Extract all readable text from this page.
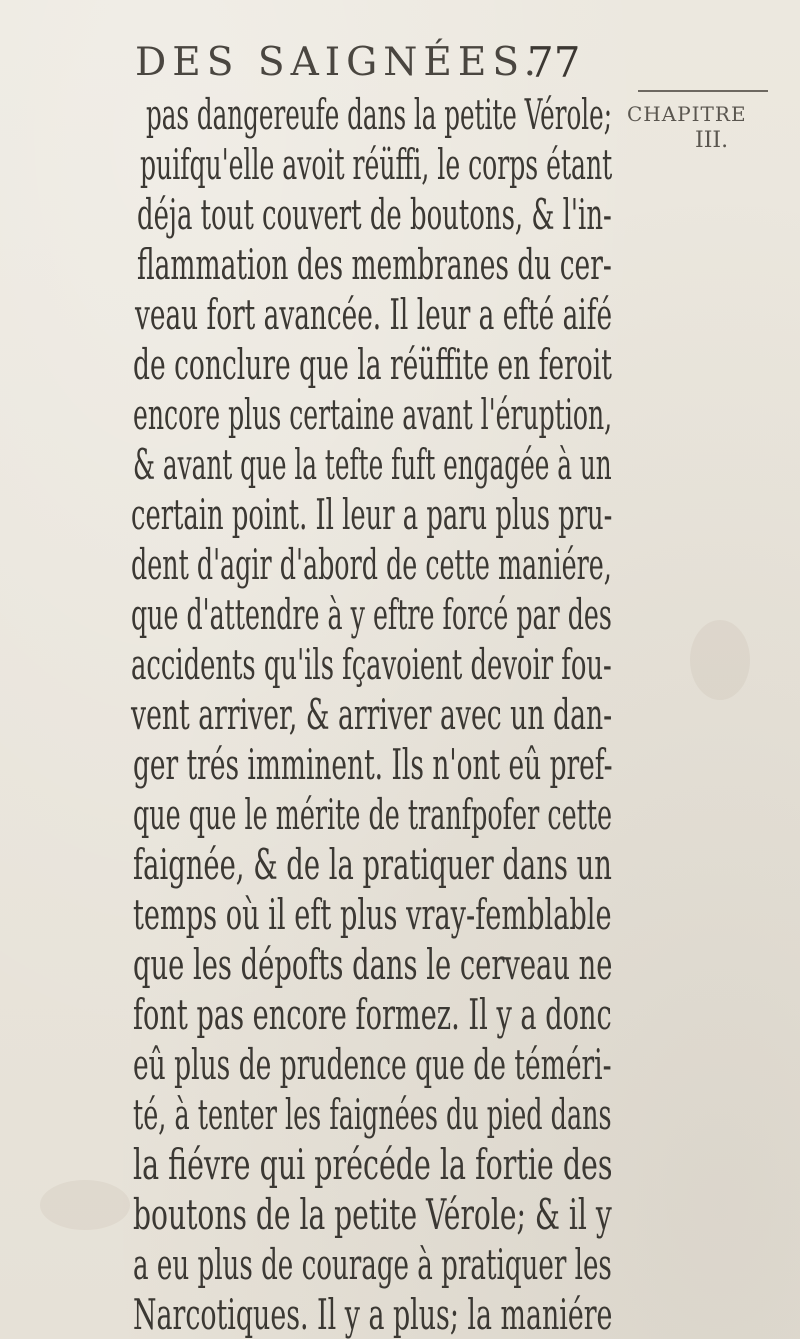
DES SAIGNÉES.
77
CHAPITRE
III.
pas dangereufe dans la petite Vérole;
puifqu'elle avoit réüffi, le corps étant
déja tout couvert de boutons, & l'in-
flammation des membranes du cer-
veau fort avancée. Il leur a efté aifé
de conclure que la réüffite en feroit
encore plus certaine avant l'éruption,
& avant que la tefte fuft engagée à un
certain point. Il leur a paru plus pru-
dent d'agir d'abord de cette maniére,
que d'attendre à y eftre forcé par des
accidents qu'ils fçavoient devoir fou-
vent arriver, & arriver avec un dan-
ger trés imminent. Ils n'ont eû pref-
que que le mérite de tranfpofer cette
faignée, & de la pratiquer dans un
temps où il eft plus vray-femblable
que les dépofts dans le cerveau ne
font pas encore formez. Il y a donc
eû plus de prudence que de téméri-
té, à tenter les faignées du pied dans
la fiévre qui précéde la fortie des
boutons de la petite Vérole; & il y
a eu plus de courage à pratiquer les
Narcotiques. Il y a plus; la maniére
